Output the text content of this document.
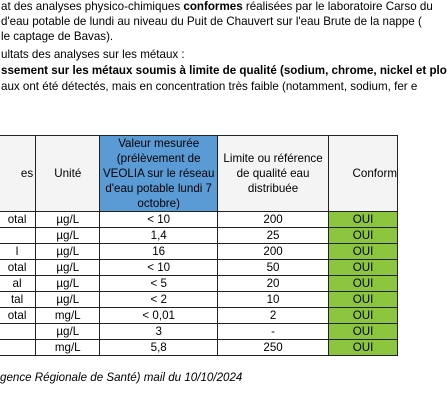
at des analyses physico-chimiques conformes réalisées par le laboratoire Carso du
d'eau potable de lundi au niveau du Puit de Chauvert sur l'eau Brute de la nappe (
le captage de Bavas).
ultats des analyses sur les métaux :
ssement sur les métaux soumis à limite de qualité (sodium, chrome, nickel et plo
aux ont été détectés, mais en concentration très faible (notamment, sodium, fer e
es	Unité	Valeur mesurée (prélèvement de VEOLIA sur le réseau d'eau potable lundi 7 octobre)	Limite ou référence de qualité eau distribuée	Conform
otal	µg/L	< 10	200	OUI
	µg/L	1,4	25	OUI
l	µg/L	16	200	OUI
otal	µg/L	< 10	50	OUI
al	µg/L	< 5	20	OUI
tal	µg/L	< 2	10	OUI
otal	mg/L	< 0,01	2	OUI
	µg/L	3	-	OUI
	mg/L	5,8	250	OUI
gence Régionale de Santé) mail du 10/10/2024
